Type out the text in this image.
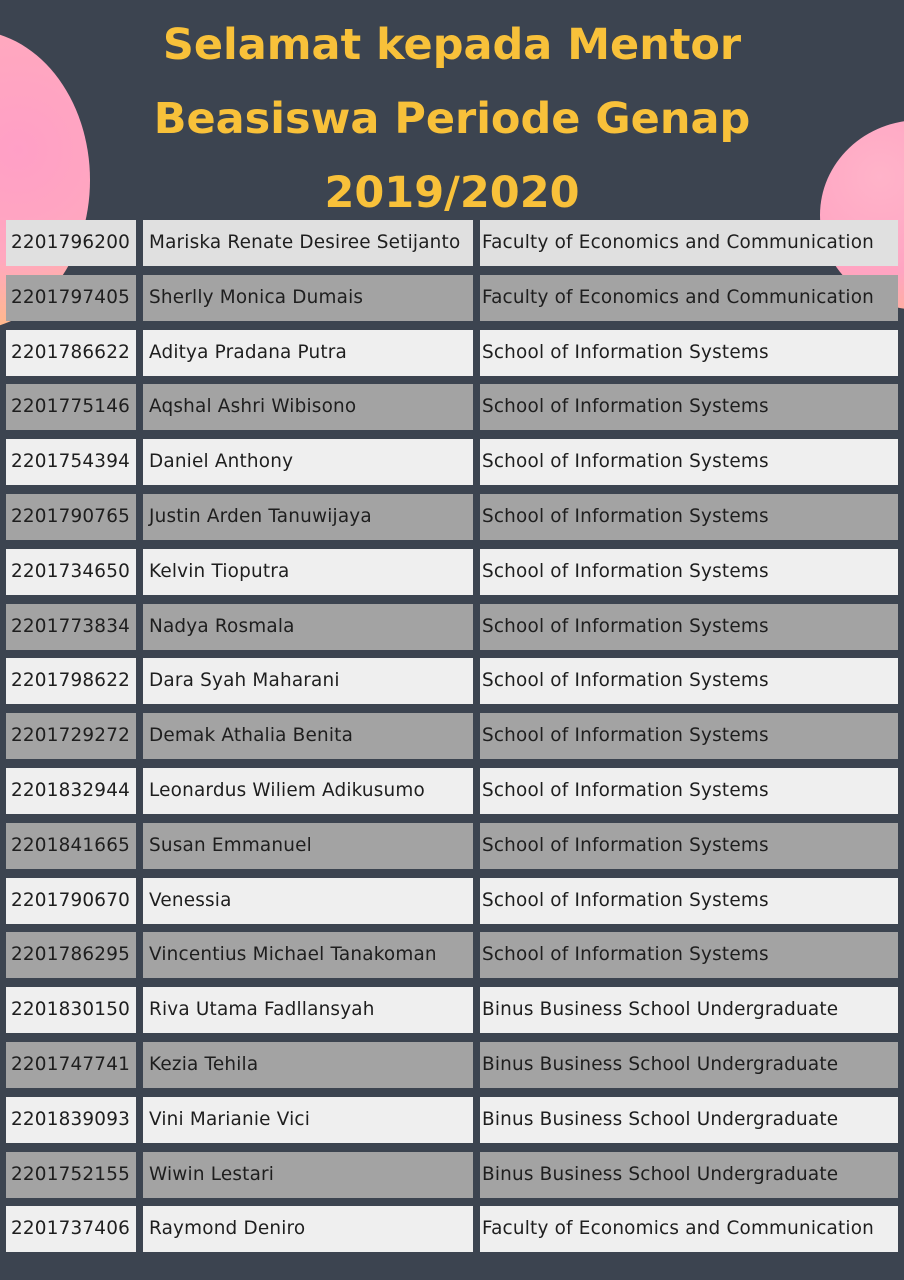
Selamat kepada Mentor
Beasiswa Periode Genap
2019/2020
2201796200	Mariska Renate Desiree Setijanto	Faculty of Economics and Communication
2201797405	Sherlly Monica Dumais	Faculty of Economics and Communication
2201786622	Aditya Pradana Putra	School of Information Systems
2201775146	Aqshal Ashri Wibisono	School of Information Systems
2201754394	Daniel Anthony	School of Information Systems
2201790765	Justin Arden Tanuwijaya	School of Information Systems
2201734650	Kelvin Tioputra	School of Information Systems
2201773834	Nadya Rosmala	School of Information Systems
2201798622	Dara Syah Maharani	School of Information Systems
2201729272	Demak Athalia Benita	School of Information Systems
2201832944	Leonardus Wiliem Adikusumo	School of Information Systems
2201841665	Susan Emmanuel	School of Information Systems
2201790670	Venessia	School of Information Systems
2201786295	Vincentius Michael Tanakoman	School of Information Systems
2201830150	Riva Utama Fadllansyah	Binus Business School Undergraduate
2201747741	Kezia Tehila	Binus Business School Undergraduate
2201839093	Vini Marianie Vici	Binus Business School Undergraduate
2201752155	Wiwin Lestari	Binus Business School Undergraduate
2201737406	Raymond Deniro	Faculty of Economics and Communication
